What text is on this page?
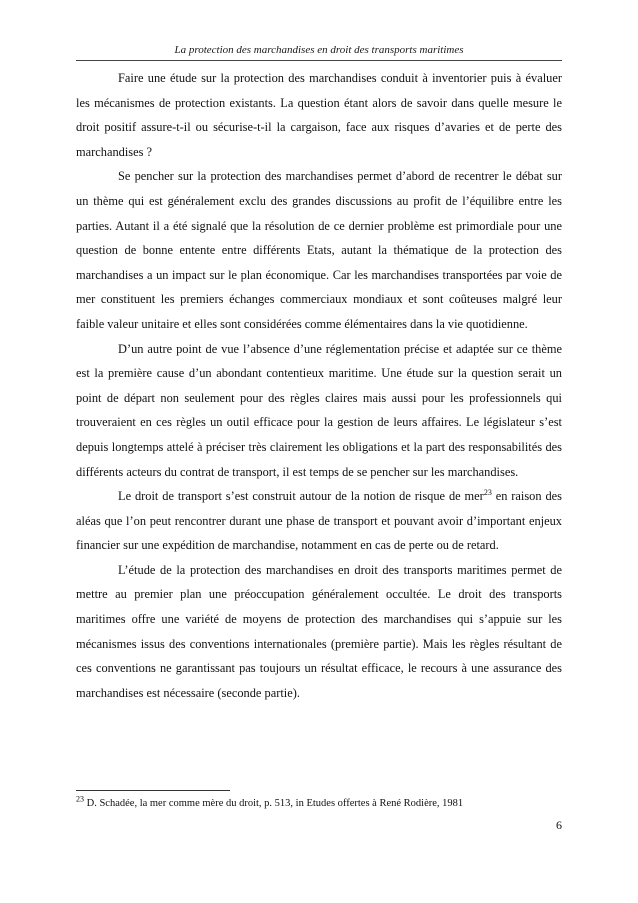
La protection des marchandises en droit des transports maritimes

Faire une étude sur la protection des marchandises conduit à inventorier puis à évaluer les mécanismes de protection existants. La question étant alors de savoir dans quelle mesure le droit positif assure-t-il ou sécurise-t-il la cargaison, face aux risques d’avaries et de perte des marchandises ?

Se pencher sur la protection des marchandises permet d’abord de recentrer le débat sur un thème qui est généralement exclu des grandes discussions au profit de l’équilibre entre les parties. Autant il a été signalé que la résolution de ce dernier problème est primordiale pour une question de bonne entente entre différents Etats, autant la thématique de la protection des marchandises a un impact sur le plan économique. Car les marchandises transportées par voie de mer constituent les premiers échanges commerciaux mondiaux et sont coûteuses malgré leur faible valeur unitaire et elles sont considérées comme élémentaires dans la vie quotidienne.

D’un autre point de vue l’absence d’une réglementation précise et adaptée sur ce thème est la première cause d’un abondant contentieux maritime. Une étude sur la question serait un point de départ non seulement pour des règles claires mais aussi pour les professionnels qui trouveraient en ces règles un outil efficace pour la gestion de leurs affaires. Le législateur s’est depuis longtemps attelé à préciser très clairement les obligations et la part des responsabilités des différents acteurs du contrat de transport, il est temps de se pencher sur les marchandises.

Le droit de transport s’est construit autour de la notion de risque de mer$^{23}$ en raison des aléas que l’on peut rencontrer durant une phase de transport et pouvant avoir d’important enjeux financier sur une expédition de marchandise, notamment en cas de perte ou de retard.

L’étude de la protection des marchandises en droit des transports maritimes permet de mettre au premier plan une préoccupation généralement occultée. Le droit des transports maritimes offre une variété de moyens de protection des marchandises qui s’appuie sur les mécanismes issus des conventions internationales (première partie). Mais les règles résultant de ces conventions ne garantissant pas toujours un résultat efficace, le recours à une assurance des marchandises est nécessaire (seconde partie).

$^{23}$ D. Schadée, la mer comme mère du droit, p. 513, in Etudes offertes à René Rodière, 1981
6
